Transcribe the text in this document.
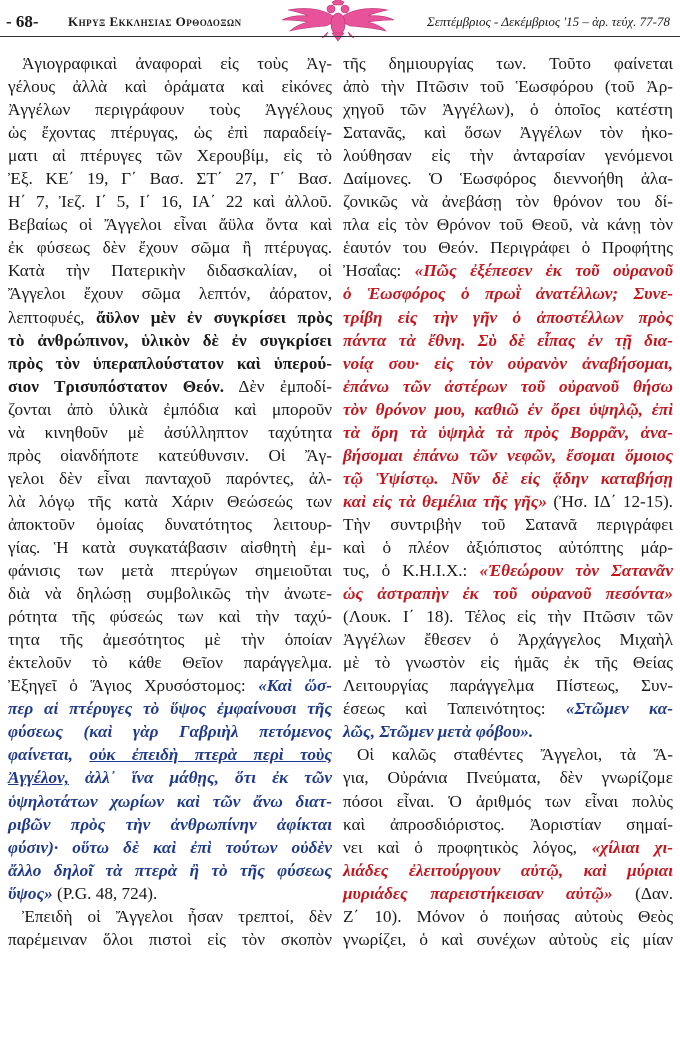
- 68- Κηρυξ Εκκλησιας Ορθοδοξων	Σεπτέμβριος - Δεκέμβριος '15 – ἀρ. τεύχ. 77-78
Ἁγιογραφικαὶ ἀναφοραὶ εἰς τοὺς Ἀγ-
γέλους ἀλλὰ καὶ ὁράματα καὶ εἰκόνες
Ἀγγέλων περιγράφουν τοὺς Ἀγγέλους
ὡς ἔχοντας πτέρυγας, ὡς ἐπὶ παραδείγ-
ματι αἱ πτέρυγες τῶν Χερουβίμ, εἰς τὸ
Ἐξ. ΚΕ΄ 19, Γ΄ Βασ. ΣΤ΄ 27, Γ΄ Βασ.
Η΄ 7, Ἰεζ. Ι΄ 5, Ι΄ 16, ΙΑ΄ 22 καὶ ἀλλοῦ.
Βεβαίως οἱ Ἄγγελοι εἶναι ἄϋλα ὄντα καὶ
ἐκ φύσεως δὲν ἔχουν σῶμα ἢ πτέρυγας.
Κατὰ τὴν Πατερικὴν διδασκαλίαν, οἱ
Ἄγγελοι ἔχουν σῶμα λεπτόν, ἀόρατον,
λεπτοφυές, ἄϋλον μὲν ἐν συγκρίσει πρὸς
τὸ ἀνθρώπινον, ὑλικὸν δὲ ἐν συγκρίσει
πρὸς τὸν ὑπεραπλούστατον καὶ ὑπερού-
σιον Τρισυπόστατον Θεόν. Δὲν ἐμποδί-
ζονται ἀπὸ ὑλικὰ ἐμπόδια καὶ μποροῦν
νὰ κινηθοῦν μὲ ἀσύλληπτον ταχύτητα
πρὸς οἱανδήποτε κατεύθυνσιν. Οἱ Ἄγ-
γελοι δὲν εἶναι πανταχοῦ παρόντες, ἀλ-
λὰ λόγῳ τῆς κατὰ Χάριν Θεώσεώς των
ἀποκτοῦν ὁμοίας δυνατότητος λειτουρ-
γίας. Ἡ κατὰ συγκατάβασιν αἰσθητὴ ἐμ-
φάνισις των μετὰ πτερύγων σημειοῦται
διὰ νὰ δηλώσῃ συμβολικῶς τὴν ἀνωτε-
ρότητα τῆς φύσεώς των καὶ τὴν ταχύ-
τητα τῆς ἀμεσότητος μὲ τὴν ὁποίαν
ἐκτελοῦν τὸ κάθε Θεῖον παράγγελμα.
Ἐξηγεῖ ὁ Ἅγιος Χρυσόστομος: «Καὶ ὥσ-
περ αἱ πτέρυγες τὸ ὕψος ἐμφαίνουσι τῆς
φύσεως (καὶ γὰρ Γαβριὴλ πετόμενος
φαίνεται, οὐκ ἐπειδὴ πτερὰ περὶ τοὺς
Ἀγγέλον, ἀλλ᾽ ἵνα μάθῃς, ὅτι ἐκ τῶν
ὑψηλοτάτων χωρίων καὶ τῶν ἄνω διατ-
ριβῶν πρὸς τὴν ἀνθρωπίνην ἀφίκται
φύσιν)· οὕτω δὲ καὶ ἐπὶ τούτων οὐδὲν
ἄλλο δηλοῖ τὰ πτερὰ ἢ τὸ τῆς φύσεως
ὕψος» (P.G. 48, 724).
Ἐπειδὴ οἱ Ἄγγελοι ἦσαν τρεπτοί, δὲν
παρέμειναν ὅλοι πιστοὶ εἰς τὸν σκοπὸν
τῆς δημιουργίας των. Τοῦτο φαίνεται
ἀπὸ τὴν Πτῶσιν τοῦ Ἑωσφόρου (τοῦ Ἀρ-
χηγοῦ τῶν Ἀγγέλων), ὁ ὁποῖος κατέστη
Σατανᾶς, καὶ ὅσων Ἀγγέλων τὸν ἠκο-
λούθησαν εἰς τὴν ἀνταρσίαν γενόμενοι
Δαίμονες. Ὁ Ἑωσφόρος διεννοήθη ἀλα-
ζονικῶς νὰ ἀνεβάσῃ τὸν θρόνον του δί-
πλα εἰς τὸν Θρόνον τοῦ Θεοῦ, νὰ κάνῃ τὸν
ἑαυτόν του Θεόν. Περιγράφει ὁ Προφήτης
Ἠσαΐας: «Πῶς ἐξέπεσεν ἐκ τοῦ οὐρανοῦ
ὁ Ἑωσφόρος ὁ πρωῒ ἀνατέλλων; Συνε-
τρίβη εἰς τὴν γῆν ὁ ἀποστέλλων πρὸς
πάντα τὰ ἔθνη. Σὺ δὲ εἶπας ἐν τῇ δια-
νοίᾳ σου· εἰς τὸν οὐρανὸν ἀναβήσομαι,
ἐπάνω τῶν ἀστέρων τοῦ οὐρανοῦ θήσω
τὸν θρόνον μου, καθιῶ ἐν ὄρει ὑψηλῷ, ἐπὶ
τὰ ὄρη τὰ ὑψηλὰ τὰ πρὸς Βορρᾶν, ἀνα-
βήσομαι ἐπάνω τῶν νεφῶν, ἔσομαι ὅμοιος
τῷ Ὑψίστῳ. Νῦν δὲ εἰς ᾅδην καταβήσῃ
καὶ εἰς τὰ θεμέλια τῆς γῆς» (Ἠσ. ΙΔ΄ 12-15).
Τὴν συντριβὴν τοῦ Σατανᾶ περιγράφει
καὶ ὁ πλέον ἀξιόπιστος αὐτόπτης μάρ-
τυς, ὁ Κ.Η.Ι.Χ.: «Ἐθεώρουν τὸν Σατανᾶν
ὡς ἀστραπὴν ἐκ τοῦ οὐρανοῦ πεσόντα»
(Λουκ. Ι΄ 18). Τέλος εἰς τὴν Πτῶσιν τῶν
Ἀγγέλων ἔθεσεν ὁ Ἀρχάγγελος Μιχαὴλ
μὲ τὸ γνωστὸν εἰς ἡμᾶς ἐκ τῆς Θείας
Λειτουργίας παράγγελμα Πίστεως, Συν-
έσεως καὶ Ταπεινότητος: «Στῶμεν κα-
λῶς, Στῶμεν μετὰ φόβου».
Οἱ καλῶς σταθέντες Ἄγγελοι, τὰ Ἅ-
για, Οὐράνια Πνεύματα, δὲν γνωρίζομε
πόσοι εἶναι. Ὁ ἀριθμός των εἶναι πολὺς
καὶ ἀπροσδιόριστος. Ἀοριστίαν σημαί-
νει καὶ ὁ προφητικὸς λόγος, «χίλιαι χι-
λιάδες ἐλειτούργουν αὐτῷ, καὶ μύριαι
μυριάδες παρειστήκεισαν αὐτῷ» (Δαν.
Ζ΄ 10). Μόνον ὁ ποιήσας αὐτοὺς Θεὸς
γνωρίζει, ὁ καὶ συνέχων αὐτοὺς εἰς μίαν
